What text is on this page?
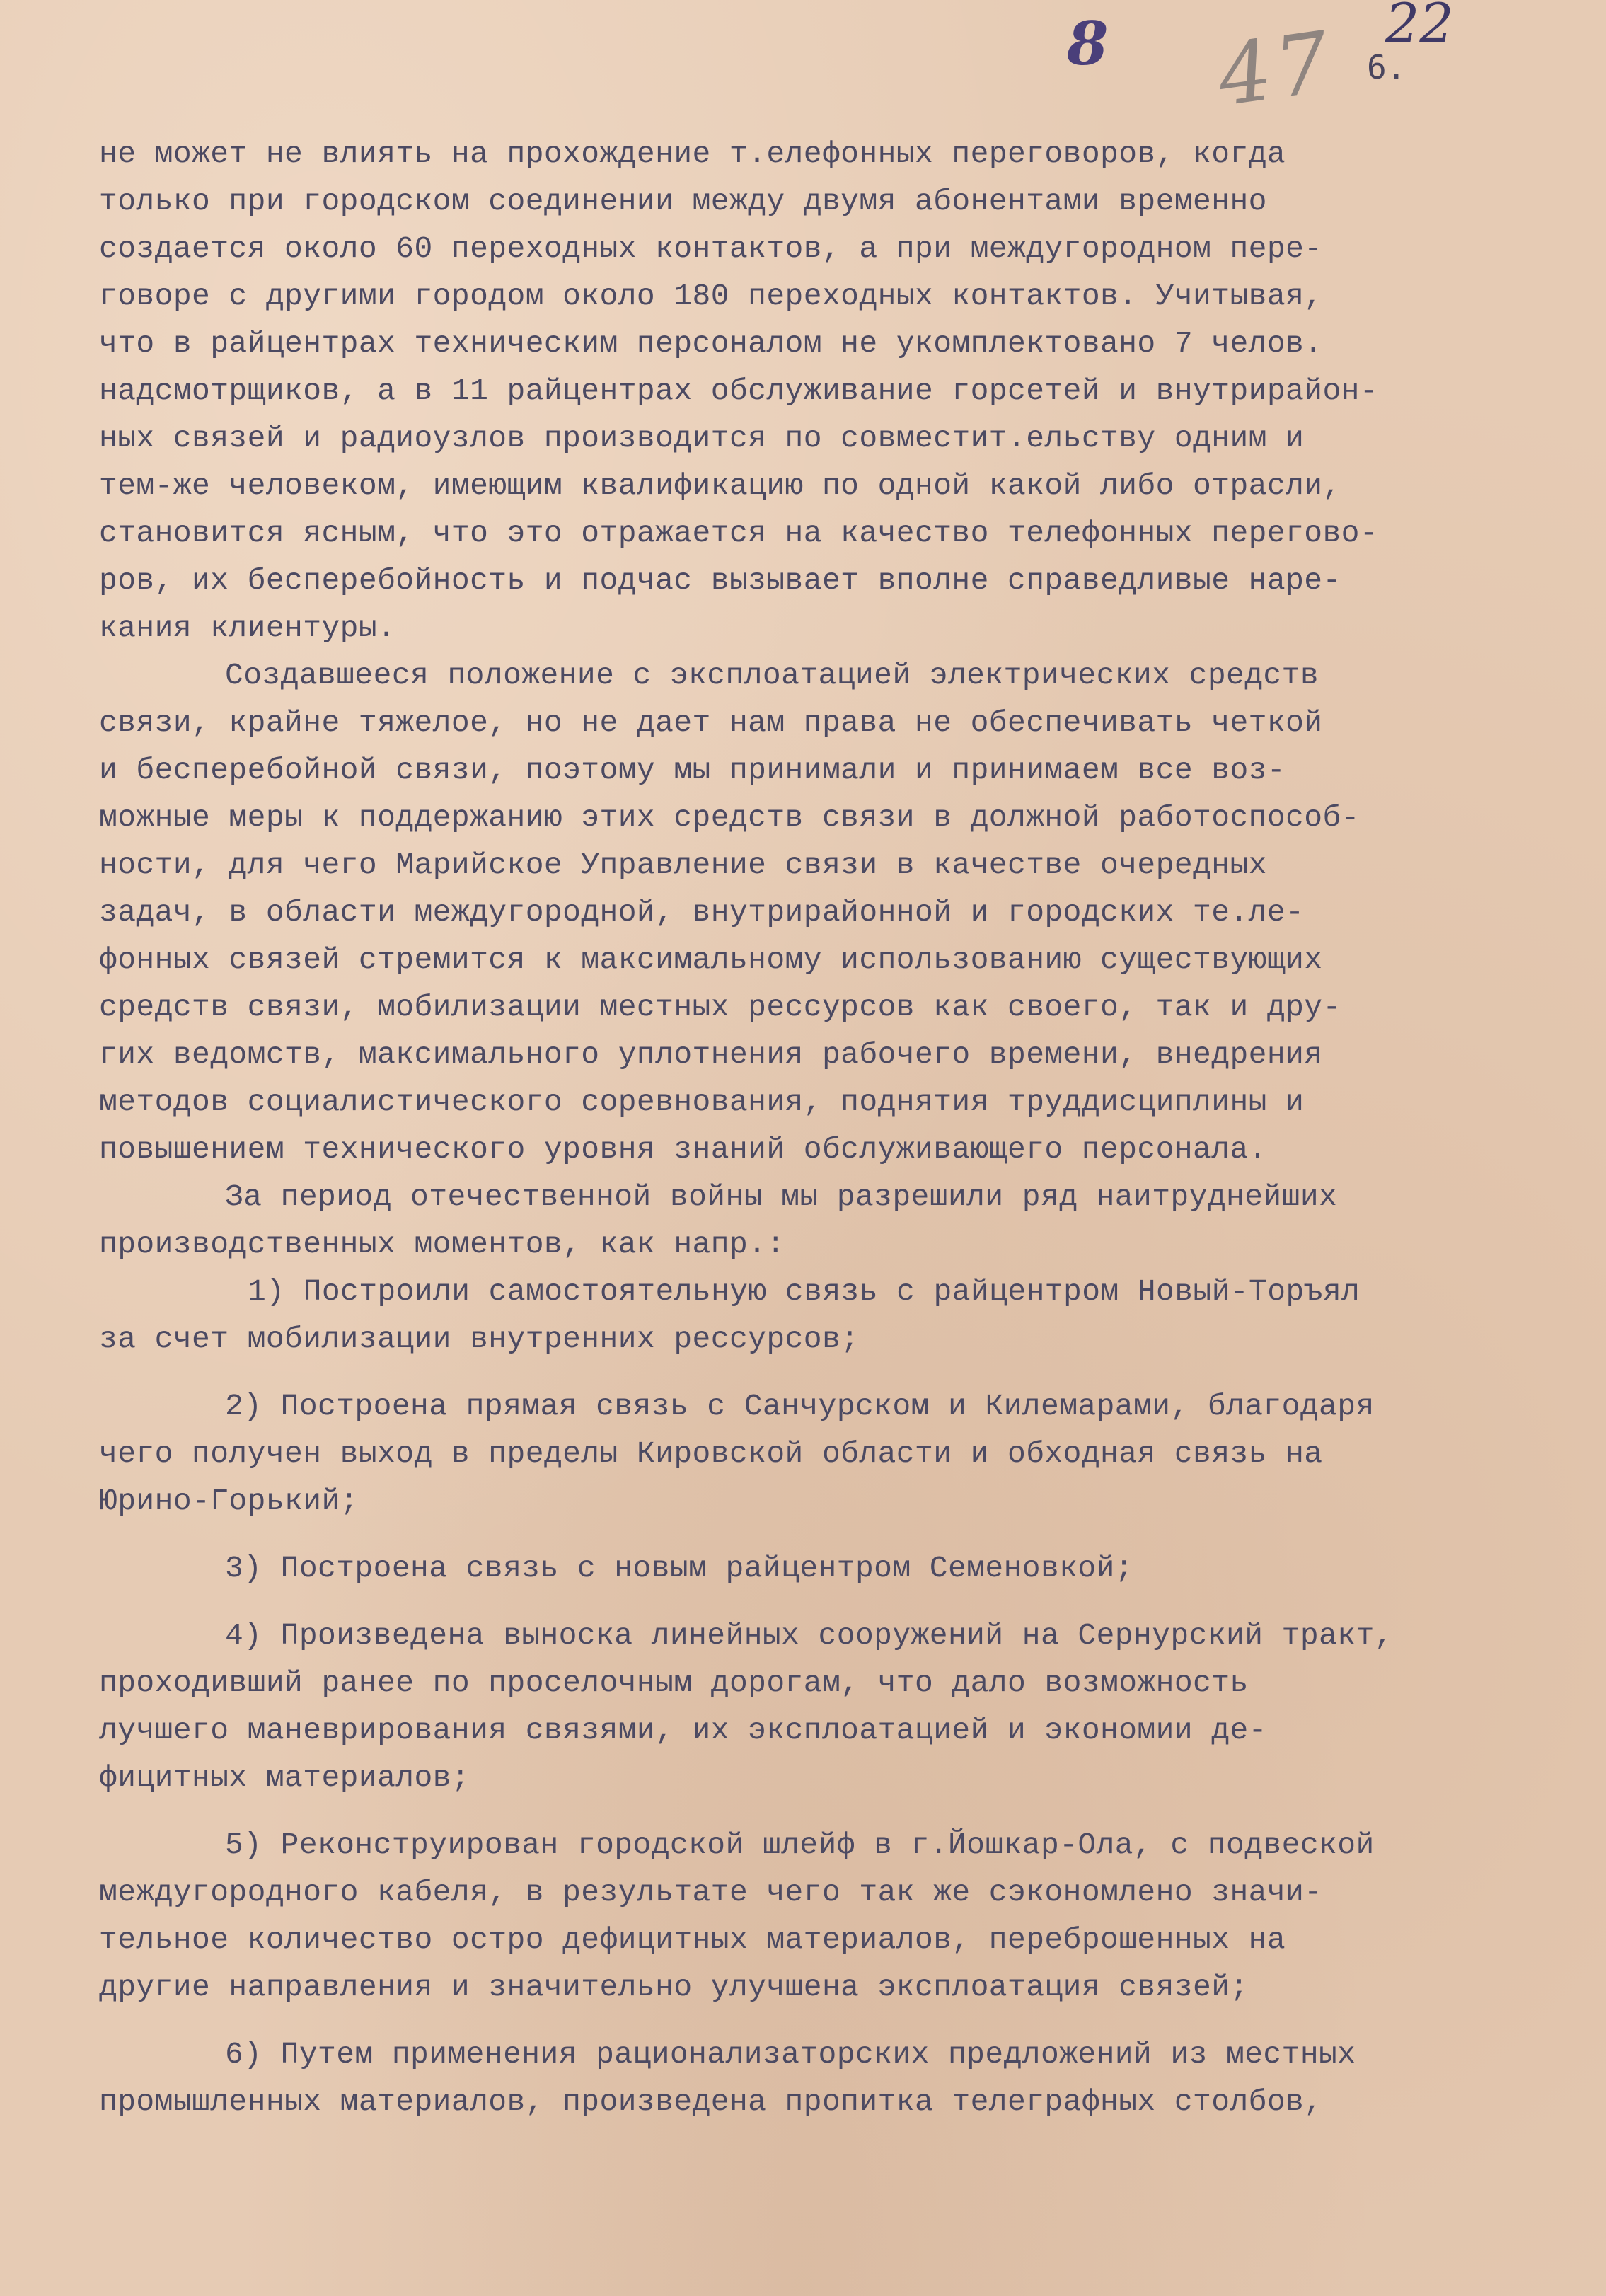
8 47 22
6.

не может не влиять на прохождение т.елефонных переговоров, когда
только при городском соединении между двумя абонентами временно
создается около 60 переходных контактов, а при междугородном пере-
говоре с другими городом около 180 переходных контактов. Учитывая,
что в райцентрах техническим персоналом не укомплектовано 7 челов.
надсмотрщиков, а в 11 райцентрах обслуживание горсетей и внутрирайон-
ных связей и радиоузлов производится по совместит.ельству одним и
тем-же человеком, имеющим квалификацию по одной какой либо отрасли,
становится ясным, что это отражается на качество телефонных перегово-
ров, их бесперебойность и подчас вызывает вполне справедливые наре-
кания клиентуры.

Создавшееся положение с эксплоатацией электрических средств
связи, крайне тяжелое, но не дает нам права не обеспечивать четкой
и бесперебойной связи, поэтому мы принимали и принимаем все воз-
можные меры к поддержанию этих средств связи в должной работоспособ-
ности, для чего Марийское Управление связи в качестве очередных
задач, в области междугородной, внутрирайонной и городских те.ле-
фонных связей стремится к максимальному использованию существующих
средств связи, мобилизации местных рессурсов как своего, так и дру-
гих ведомств, максимального уплотнения рабочего времени, внедрения
методов социалистического соревнования, поднятия труддисциплины и
повышением технического уровня знаний обслуживающего персонала.

За период отечественной войны мы разрешили ряд наитруднейших
производственных моментов, как напр.:

1) Построили самостоятельную связь с райцентром Новый-Торъял
за счет мобилизации внутренних рессурсов;

2) Построена прямая связь с Санчурском и Килемарами, благодаря
чего получен выход в пределы Кировской области и обходная связь на
Юрино-Горький;

3) Построена связь с новым райцентром Семеновкой;

4) Произведена выноска линейных сооружений на Сернурский тракт,
проходивший ранее по проселочным дорогам, что дало возможность
лучшего маневрирования связями, их эксплоатацией и экономии де-
фицитных материалов;

5) Реконструирован городской шлейф в г.Йошкар-Ола, с подвеской
междугородного кабеля, в результате чего так же сэкономлено значи-
тельное количество остро дефицитных материалов, переброшенных на
другие направления и значительно улучшена эксплоатация связей;

6) Путем применения рационализаторских предложений из местных
промышленных материалов, произведена пропитка телеграфных столбов,
